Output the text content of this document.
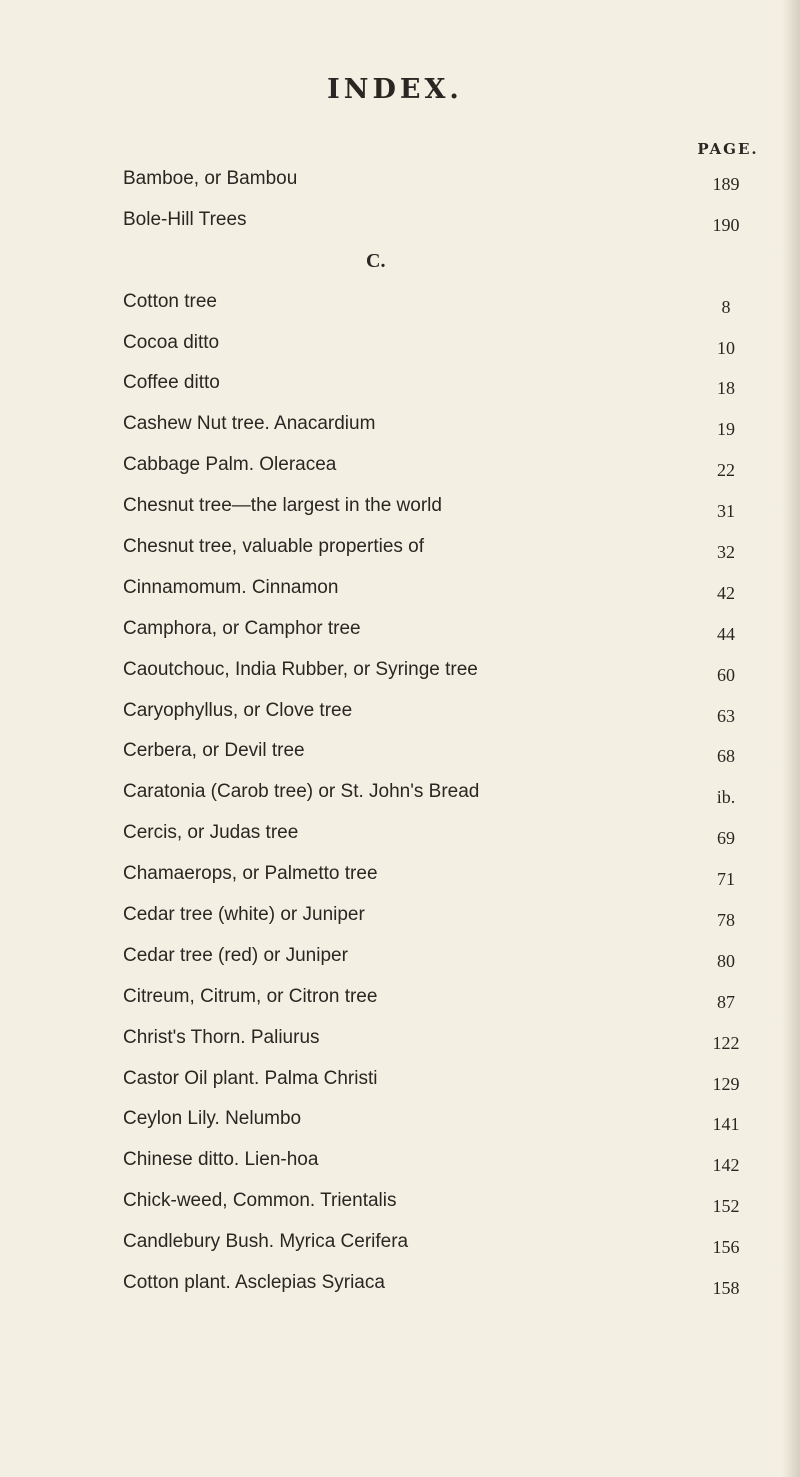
INDEX.
PAGE.
Bamboe, or Bambou	189
Bole-Hill Trees	190
C.
Cotton tree	8
Cocoa ditto	10
Coffee ditto	18
Cashew Nut tree. Anacardium	19
Cabbage Palm. Oleracea	22
Chesnut tree—the largest in the world	31
Chesnut tree, valuable properties of	32
Cinnamomum. Cinnamon	42
Camphora, or Camphor tree	44
Caoutchouc, India Rubber, or Syringe tree	60
Caryophyllus, or Clove tree	63
Cerbera, or Devil tree	68
Caratonia (Carob tree) or St. John's Bread	ib.
Cercis, or Judas tree	69
Chamaerops, or Palmetto tree	71
Cedar tree (white) or Juniper	78
Cedar tree (red) or Juniper	80
Citreum, Citrum, or Citron tree	87
Christ's Thorn. Paliurus	122
Castor Oil plant. Palma Christi	129
Ceylon Lily. Nelumbo	141
Chinese ditto. Lien-hoa	142
Chick-weed, Common. Trientalis	152
Candlebury Bush. Myrica Cerifera	156
Cotton plant. Asclepias Syriaca	158
